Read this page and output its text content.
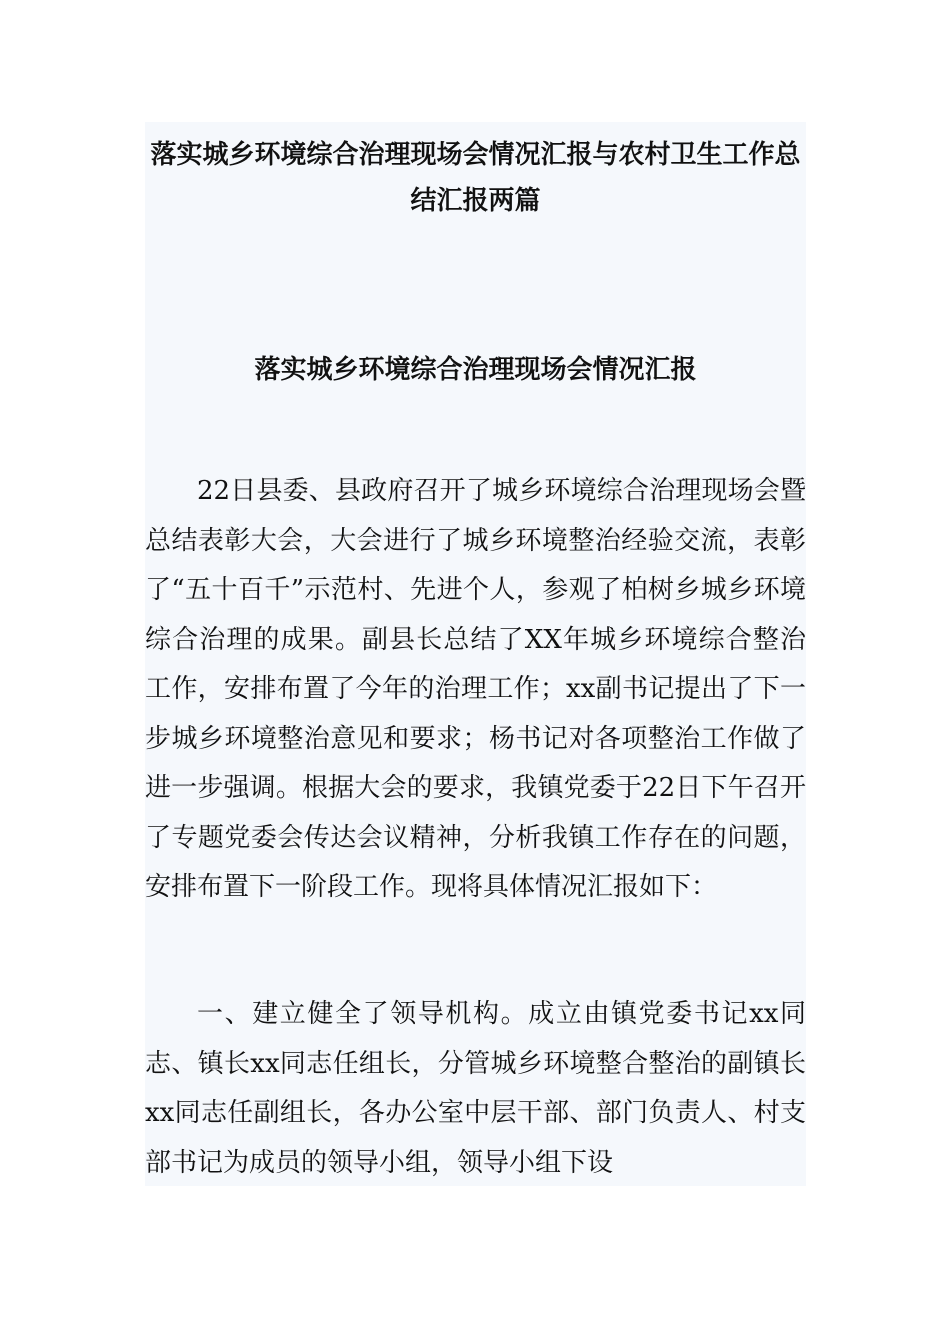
落实城乡环境综合治理现场会情况汇报与农村卫生工作总结汇报两篇
落实城乡环境综合治理现场会情况汇报

22日县委、县政府召开了城乡环境综合治理现场会暨总结表彰大会，大会进行了城乡环境整治经验交流，表彰了“五十百千”示范村、先进个人，参观了柏树乡城乡环境综合治理的成果。副县长总结了XX年城乡环境综合整治工作，安排布置了今年的治理工作；xx副书记提出了下一步城乡环境整治意见和要求；杨书记对各项整治工作做了进一步强调。根据大会的要求，我镇党委于22日下午召开了专题党委会传达会议精神，分析我镇工作存在的问题，安排布置下一阶段工作。现将具体情况汇报如下：

一、建立健全了领导机构。成立由镇党委书记xx同志、镇长xx同志任组长，分管城乡环境整合整治的副镇长xx同志任副组长，各办公室中层干部、部门负责人、村支部书记为成员的领导小组，领导小组下设
